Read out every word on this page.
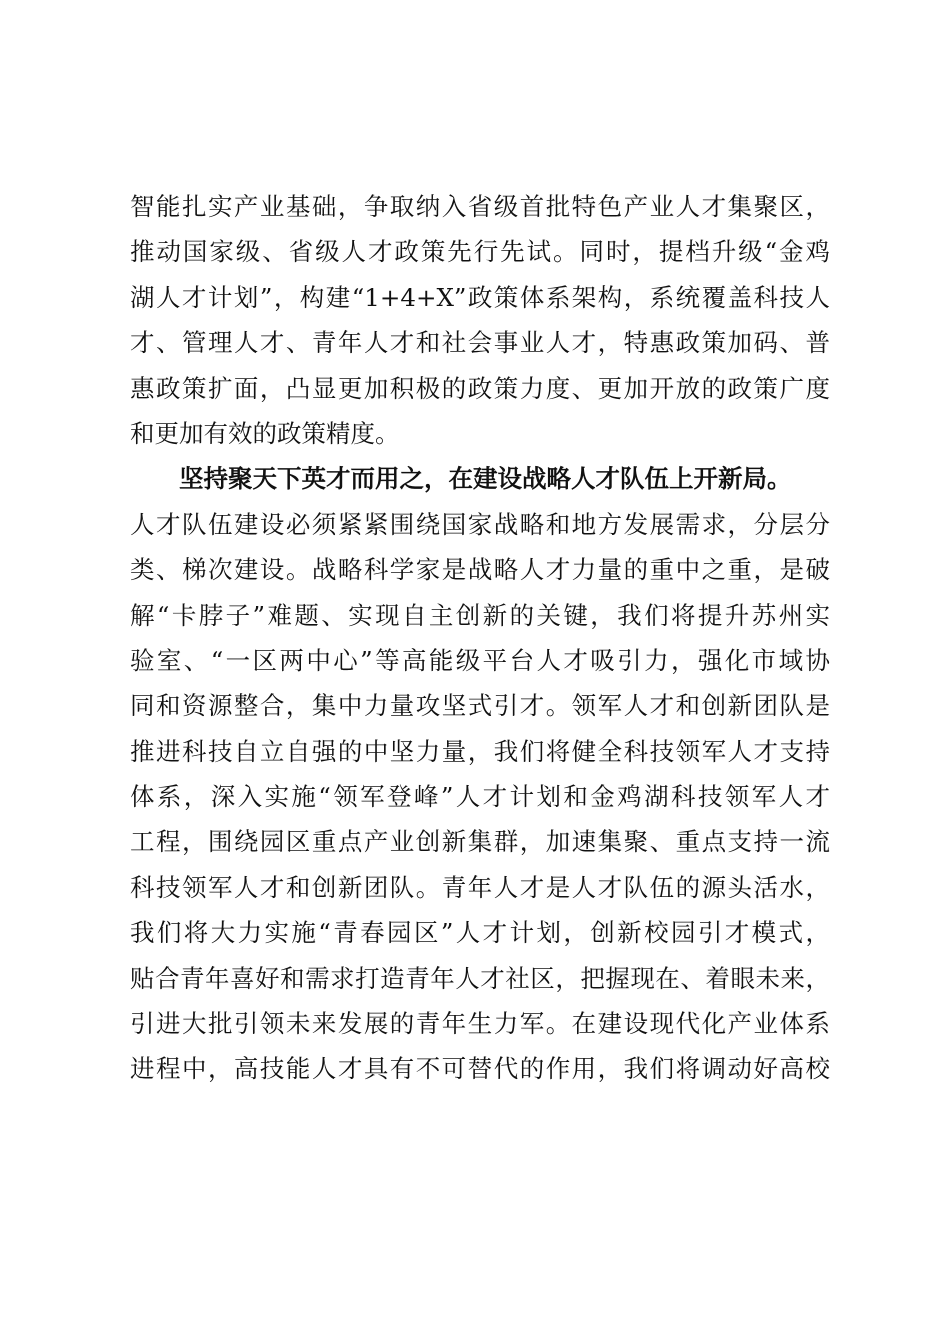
智能扎实产业基础，争取纳入省级首批特色产业人才集聚区，
推动国家级、省级人才政策先行先试。同时，提档升级“金鸡
湖人才计划”，构建“1+4+X”政策体系架构，系统覆盖科技人
才、管理人才、青年人才和社会事业人才，特惠政策加码、普
惠政策扩面，凸显更加积极的政策力度、更加开放的政策广度
和更加有效的政策精度。
坚持聚天下英才而用之，在建设战略人才队伍上开新局。
人才队伍建设必须紧紧围绕国家战略和地方发展需求，分层分
类、梯次建设。战略科学家是战略人才力量的重中之重，是破
解“卡脖子”难题、实现自主创新的关键，我们将提升苏州实
验室、“一区两中心”等高能级平台人才吸引力，强化市域协
同和资源整合，集中力量攻坚式引才。领军人才和创新团队是
推进科技自立自强的中坚力量，我们将健全科技领军人才支持
体系，深入实施“领军登峰”人才计划和金鸡湖科技领军人才
工程，围绕园区重点产业创新集群，加速集聚、重点支持一流
科技领军人才和创新团队。青年人才是人才队伍的源头活水，
我们将大力实施“青春园区”人才计划，创新校园引才模式，
贴合青年喜好和需求打造青年人才社区，把握现在、着眼未来，
引进大批引领未来发展的青年生力军。在建设现代化产业体系
进程中，高技能人才具有不可替代的作用，我们将调动好高校
